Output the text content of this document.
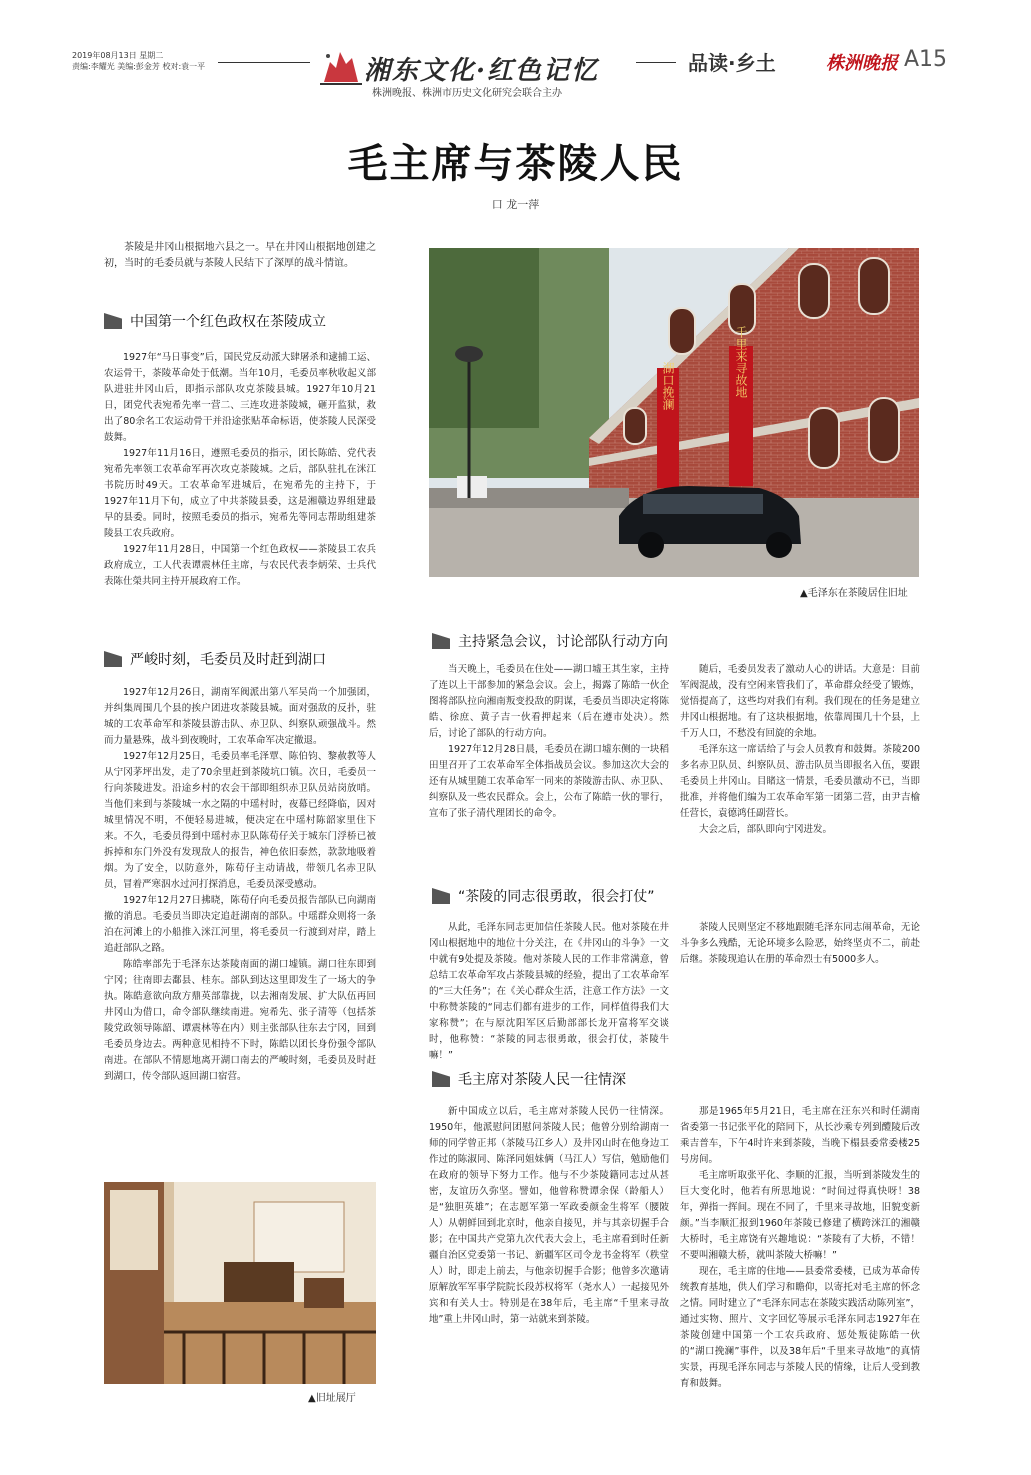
2019年08月13日 星期二
责编:李耀光 美编:彭金芳 校对:袁一平	湘东文化·红色记忆
株洲晚报、株洲市历史文化研究会联合主办
品读·乡土	株洲晚报 A15
毛主席与茶陵人民
口 龙一萍

茶陵是井冈山根据地六县之一。早在井冈山根据地创建之初，当时的毛委员就与茶陵人民结下了深厚的战斗情谊。

中国第一个红色政权在茶陵成立

1927年“马日事变”后，国民党反动派大肆屠杀和逮捕工运、农运骨干，茶陵革命处于低潮。当年10月，毛委员率秋收起义部队进驻井冈山后，即指示部队攻克茶陵县城。1927年10月21日，团党代表宛希先率一营二、三连攻进茶陵城，砸开监狱，救出了80余名工农运动骨干并沿途张贴革命标语，使茶陵人民深受鼓舞。

1927年11月16日，遵照毛委员的指示，团长陈皓、党代表宛希先率领工农革命军再次攻克茶陵城。之后，部队驻扎在洣江书院历时49天。工农革命军进城后，在宛希先的主持下，于1927年11月下旬，成立了中共茶陵县委，这是湘赣边界组建最早的县委。同时，按照毛委员的指示，宛希先等同志帮助组建茶陵县工农兵政府。

1927年11月28日，中国第一个红色政权——茶陵县工农兵政府成立，工人代表谭震林任主席，与农民代表李炳荣、士兵代表陈仕榮共同主持开展政府工作。

严峻时刻，毛委员及时赶到湖口

1927年12月26日，湖南军阀派出第八军吴尚一个加强团，并纠集周围几个县的挨户团进攻茶陵县城。面对强敌的反扑，驻城的工农革命军和茶陵县游击队、赤卫队、纠察队顽强战斗。然而力量悬殊，战斗到夜晚时，工农革命军决定撤退。

1927年12月25日，毛委员率毛泽覃、陈伯钧、黎赦教等人从宁冈茅坪出发，走了70余里赶到茶陵坑口镇。次日，毛委员一行向茶陵进发。沿途乡村的农会干部即组织赤卫队员站岗放哨。当他们来到与茶陵城一水之隔的中瑶村时，夜幕已经降临，因对城里情况不明，不便轻易进城，便决定在中瑶村陈韶家里住下来。不久，毛委员得到中瑶村赤卫队陈荀仔关于城东门浮桥已被拆掉和东门外没有发现敌人的报告，神色依旧泰然，款款地吸着烟。为了安全，以防意外，陈荀仔主动请战，带领几名赤卫队员，冒着严寒泅水过河打探消息，毛委员深受感动。

1927年12月27日拂晓，陈荀仔向毛委员报告部队已向湖南撤的消息。毛委员当即决定追赶湖南的部队。中瑶群众则将一条泊在河滩上的小船推入洣江河里，将毛委员一行渡到对岸，踏上追赶部队之路。

陈皓率部先于毛泽东达茶陵南面的湖口墟镇。湖口往东即到宁冈；往南即去鄱县、桂东。部队到达这里即发生了一场大的争执。陈皓意欲向敌方鼎英部靠拢，以去湘南发展、扩大队伍再回井冈山为借口，命令部队继续南进。宛希先、张子清等（包括茶陵党政领导陈韶、谭震林等在内）则主张部队往东去宁冈，回到毛委员身边去。两种意见相持不下时，陈皓以团长身份强令部队南进。在部队不情愿地离开湖口南去的严峻时刻，毛委员及时赶到湖口，传令部队返回湖口宿营。

▲旧址展厅
湖口挽澜	千里来寻故地
▲毛泽东在茶陵居住旧址
主持紧急会议，讨论部队行动方向

当天晚上，毛委员在住处——湖口墟王其生家，主持了连以上干部参加的紧急会议。会上，揭露了陈皓一伙企图将部队拉向湘南叛变投敌的阴谋，毛委员当即决定将陈皓、徐庶、黄子吉一伙看押起来（后在遵市处决）。然后，讨论了部队的行动方向。

1927年12月28日晨，毛委员在湖口墟东侧的一块稻田里召开了工农革命军全体指战员会议。参加这次大会的还有从城里随工农革命军一同来的茶陵游击队、赤卫队、纠察队及一些农民群众。会上，公布了陈皓一伙的罪行，宣布了张子清代理团长的命令。

随后，毛委员发表了激动人心的讲话。大意是：目前军阀混战，没有空闲来管我们了，革命群众经受了锻炼，觉悟提高了，这些均对我们有利。我们现在的任务是建立井冈山根据地。有了这块根据地，依靠周围几十个县，上千万人口，不愁没有回旋的余地。

毛泽东这一席话给了与会人员教育和鼓舞。茶陵200多名赤卫队员、纠察队员、游击队员当即报名入伍，要跟毛委员上井冈山。目睹这一情景，毛委员激动不已，当即批准，并将他们编为工农革命军第一团第二营，由尹吉榆任营长，袁德鸿任副营长。

大会之后，部队即向宁冈进发。

“茶陵的同志很勇敢，很会打仗”

从此，毛泽东同志更加信任茶陵人民。他对茶陵在井冈山根据地中的地位十分关注，在《井冈山的斗争》一文中就有9处提及茶陵。他对茶陵人民的工作非常满意，曾总结工农革命军攻占茶陵县城的经验，提出了工农革命军的“三大任务”；在《关心群众生活，注意工作方法》一文中称赞茶陵的“同志们都有进步的工作，同样值得我们大家称赞”；在与原沈阳军区后勤部部长龙开富将军交谈时，他称赞：“茶陵的同志很勇敢，很会打仗，茶陵牛嘛！”

茶陵人民则坚定不移地跟随毛泽东同志闹革命，无论斗争多么残酷，无论环境多么险恶，始终坚贞不二，前赴后继。茶陵现追认在册的革命烈士有5000多人。

毛主席对茶陵人民一往情深

新中国成立以后，毛主席对茶陵人民仍一往情深。1950年，他派慰问团慰问茶陵人民；他曾分别给湖南一师的同学曾正邦（茶陵马江乡人）及井冈山时在他身边工作过的陈淑同、陈泽同姐妹俩（马江人）写信，勉励他们在政府的领导下努力工作。他与不少茶陵籍同志过从甚密，友谊历久弥坚。譬如，他曾称赞谭余保（龄船人）是“独胆英雄”；在志愿军第一军政委颜金生将军（腰陂人）从朝鲜回到北京时，他亲自接见，并与其亲切握手合影；在中国共产党第九次代表大会上，毛主席看到时任新疆自治区党委第一书记、新疆军区司令龙书金将军（秩堂人）时，即走上前去，与他亲切握手合影；他曾多次邀请原解放军军事学院院长段苏权将军（尧水人）一起接见外宾和有关人士。特别是在38年后，毛主席“千里来寻故地”重上井冈山时，第一站就来到茶陵。

那是1965年5月21日，毛主席在汪东兴和时任湖南省委第一书记张平化的陪同下，从长沙乘专列到醴陵后改乘吉普车，下午4时许来到茶陵，当晚下榻县委常委楼25号房间。

毛主席听取张平化、李顺的汇报，当听到茶陵发生的巨大变化时，他若有所思地说：“时间过得真快呀！38年，弹指一挥间。现在不同了，千里来寻故地，旧貌变新颜。”当李顺汇报到1960年茶陵已修建了横跨洣江的湘赣大桥时，毛主席饶有兴趣地说：“茶陵有了大桥，不错！不要叫湘赣大桥，就叫茶陵大桥嘛！”

现在，毛主席的住地——县委常委楼，已成为革命传统教育基地，供人们学习和瞻仰，以寄托对毛主席的怀念之情。同时建立了“毛泽东同志在茶陵实践活动陈列室”，通过实物、照片、文字回忆等展示毛泽东同志1927年在茶陵创建中国第一个工农兵政府、惩处叛徒陈皓一伙的“湖口挽澜”事件，以及38年后“千里来寻故地”的真情实景，再现毛泽东同志与茶陵人民的情缘，让后人受到教育和鼓舞。
